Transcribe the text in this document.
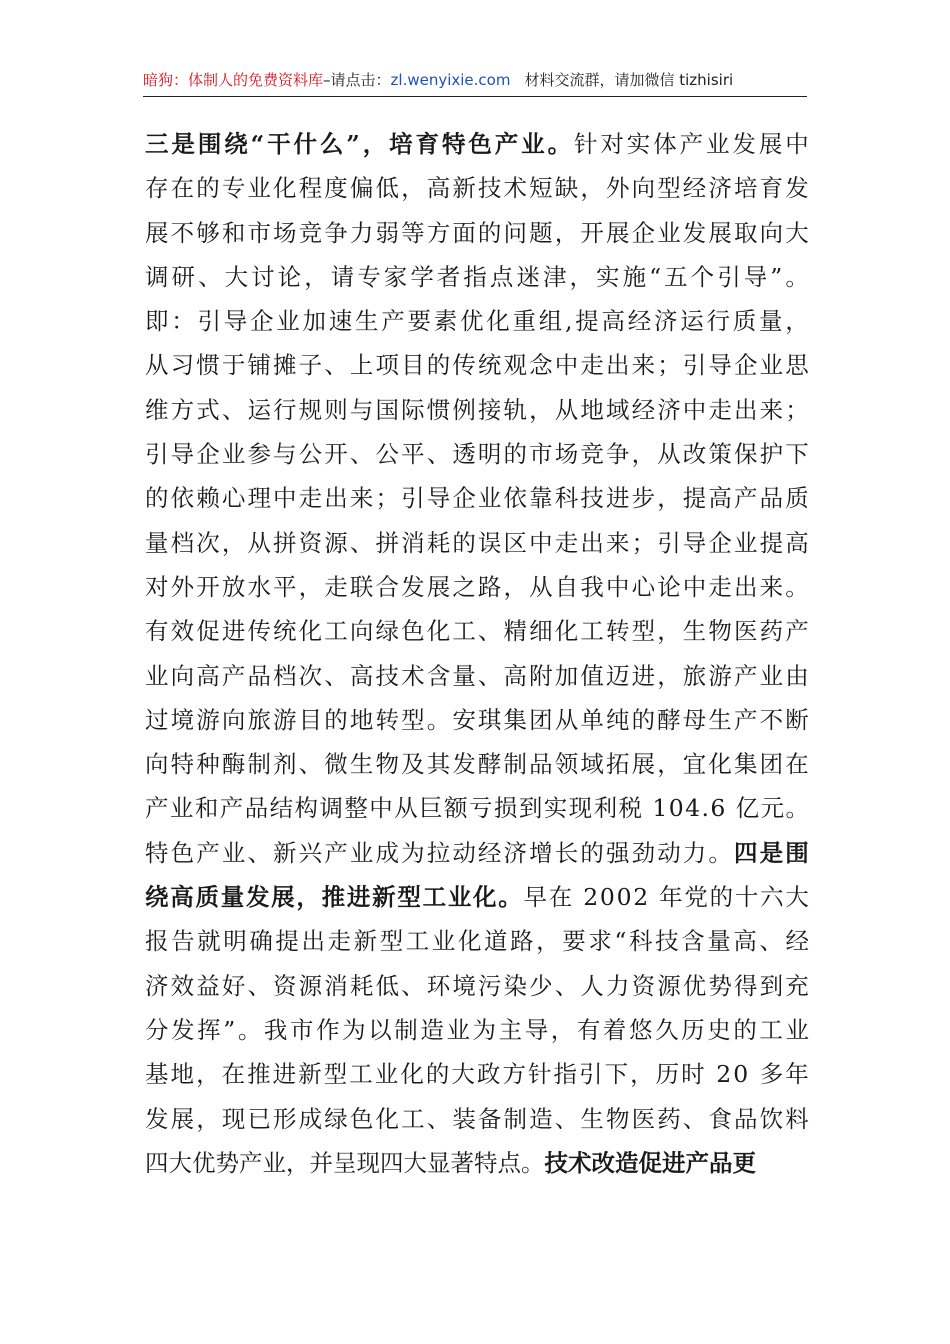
暗狗：体制人的免费资料库 –请点击： zl.wenyixie.com 材料交流群，请加微信 tizhisiri
三 是 围 绕 “ 干 什 么 ” ， 培 育 特 色 产 业 。 针 对 实 体 产 业 发 展 中
存 在 的 专 业 化 程 度 偏 低 ， 高 新 技 术 短 缺 ， 外 向 型 经 济 培 育 发
展 不 够 和 市 场 竞 争 力 弱 等 方 面 的 问 题 ， 开 展 企 业 发 展 取 向 大
调 研 、 大 讨 论 ， 请 专 家 学 者 指 点 迷 津 ， 实 施 “ 五 个 引 导 ” 。
即 ： 引 导 企 业 加 速 生 产 要 素 优 化 重 组 , 提 高 经 济 运 行 质 量 ，
从 习 惯 于 铺 摊 子 、 上 项 目 的 传 统 观 念 中 走 出 来 ； 引 导 企 业 思
维 方 式 、 运 行 规 则 与 国 际 惯 例 接 轨 ， 从 地 域 经 济 中 走 出 来 ；
引 导 企 业 参 与 公 开 、 公 平 、 透 明 的 市 场 竞 争 ， 从 改 策 保 护 下
的 依 赖 心 理 中 走 出 来 ； 引 导 企 业 依 靠 科 技 进 步 ， 提 高 产 品 质
量 档 次 ， 从 拼 资 源 、 拼 消 耗 的 误 区 中 走 出 来 ； 引 导 企 业 提 高
对 外 开 放 水 平 ， 走 联 合 发 展 之 路 ， 从 自 我 中 心 论 中 走 出 来 。
有 效 促 进 传 统 化 工 向 绿 色 化 工 、 精 细 化 工 转 型 ， 生 物 医 药 产
业 向 高 产 品 档 次 、 高 技 术 含 量 、 高 附 加 值 迈 进 ， 旅 游 产 业 由
过 境 游 向 旅 游 目 的 地 转 型 。 安 琪 集 团 从 单 纯 的 酵 母 生 产 不 断
向 特 种 酶 制 剂 、 微 生 物 及 其 发 酵 制 品 领 域 拓 展 ， 宜 化 集 团 在
产 业 和 产 品 结 构 调 整 中 从 巨 额 亏 损 到 实 现 利 税
1 0 4 . 6
亿 元 。
特 色 产 业 、 新 兴 产 业 成 为 拉 动 经 济 增 长 的 强 劲 动 力 。 四 是 围
绕 高 质 量 发 展 ， 推 进 新 型 工 业 化 。 早 在
2 0 0 2
年 党 的 十 六 大
报 告 就 明 确 提 出 走 新 型 工 业 化 道 路 ， 要 求 “ 科 技 含 量 高 、 经
济 效 益 好 、 资 源 消 耗 低 、 环 境 污 染 少 、 人 力 资 源 优 势 得 到 充
分 发 挥 ” 。 我 市 作 为 以 制 造 业 为 主 导 ， 有 着 悠 久 历 史 的 工 业
基 地 ， 在 推 进 新 型 工 业 化 的 大 政 方 针 指 引 下 ， 历 时
2 0
多 年
发 展 ， 现 已 形 成 绿 色 化 工 、 装 备 制 造 、 生 物 医 药 、 食 品 饮 料
四 大 优 势 产 业 ， 并 呈 现 四 大 显 著 特 点 。 技 术 改 造 促 进 产 品 更
